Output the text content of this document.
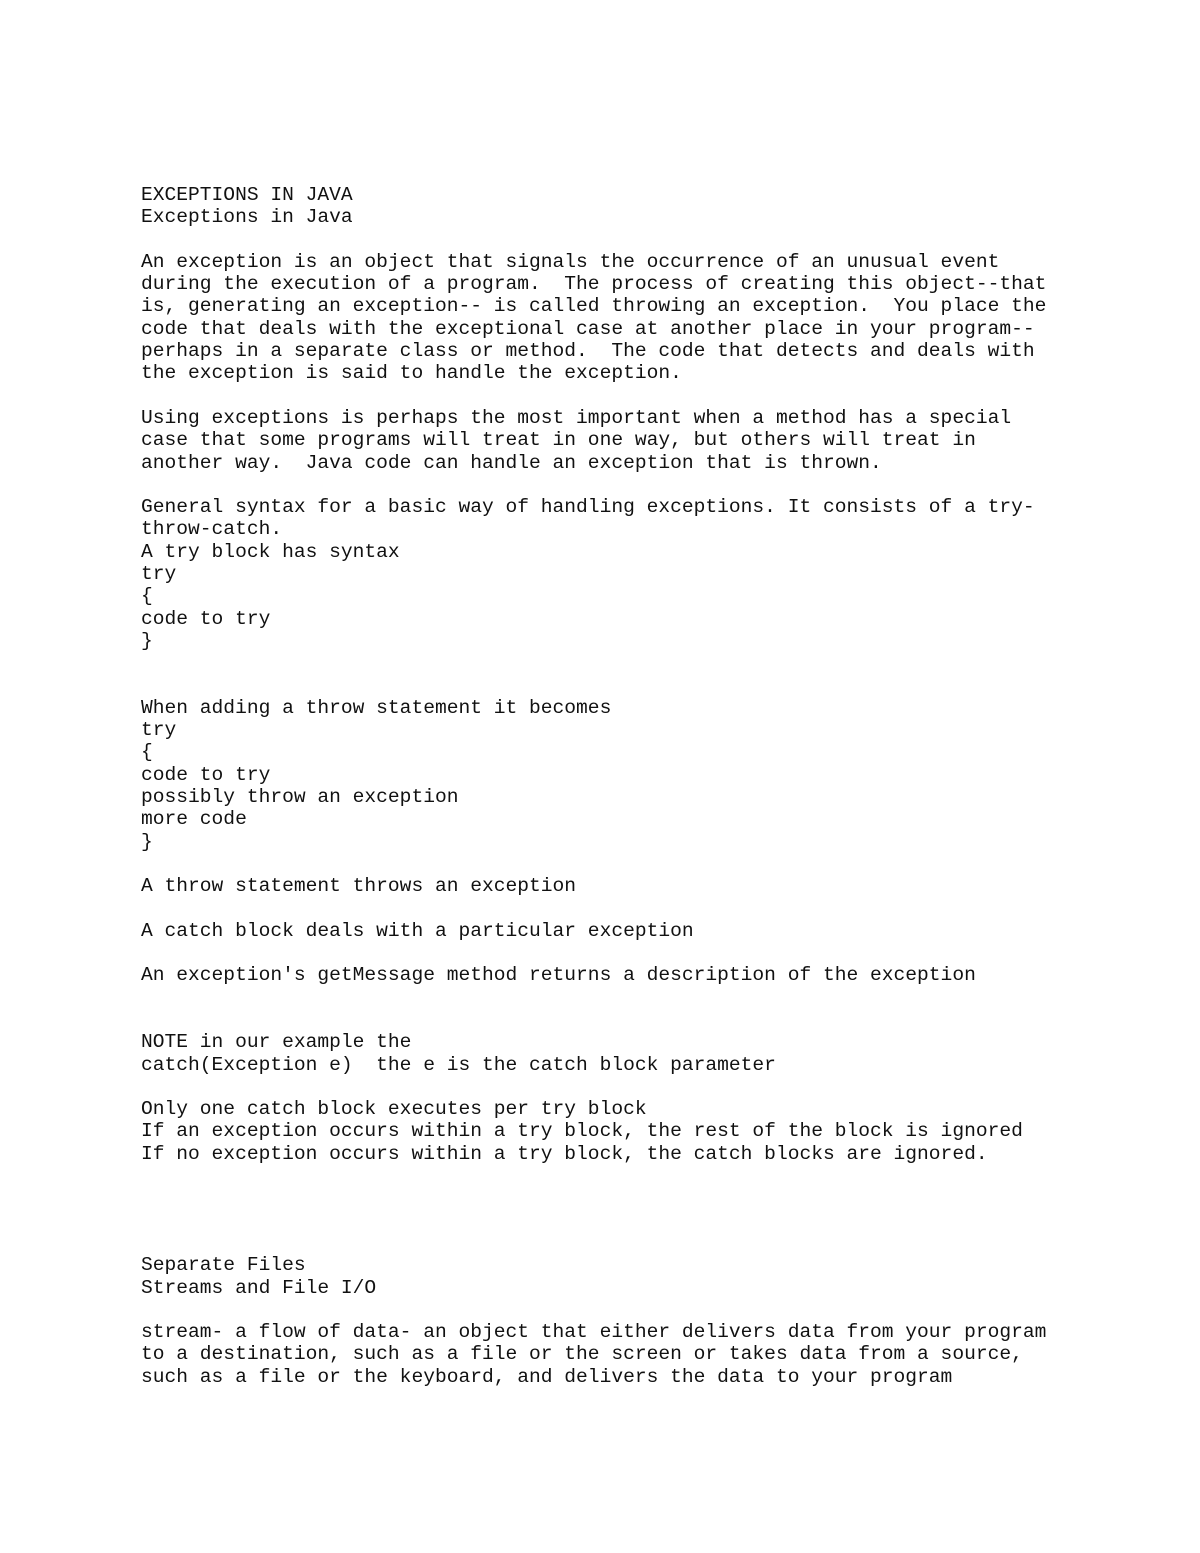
EXCEPTIONS IN JAVA
Exceptions in Java
An exception is an object that signals the occurrence of an unusual event
during the execution of a program.  The process of creating this object--that
is, generating an exception-- is called throwing an exception.  You place the
code that deals with the exceptional case at another place in your program--
perhaps in a separate class or method.  The code that detects and deals with
the exception is said to handle the exception.
Using exceptions is perhaps the most important when a method has a special
case that some programs will treat in one way, but others will treat in
another way.  Java code can handle an exception that is thrown.
General syntax for a basic way of handling exceptions. It consists of a try-
throw-catch.
A try block has syntax
try
{
code to try
}
When adding a throw statement it becomes
try
{
code to try
possibly throw an exception
more code
}
A throw statement throws an exception
A catch block deals with a particular exception
An exception's getMessage method returns a description of the exception
NOTE in our example the
catch(Exception e)  the e is the catch block parameter
Only one catch block executes per try block
If an exception occurs within a try block, the rest of the block is ignored
If no exception occurs within a try block, the catch blocks are ignored.
Separate Files
Streams and File I/O
stream- a flow of data- an object that either delivers data from your program
to a destination, such as a file or the screen or takes data from a source,
such as a file or the keyboard, and delivers the data to your program
